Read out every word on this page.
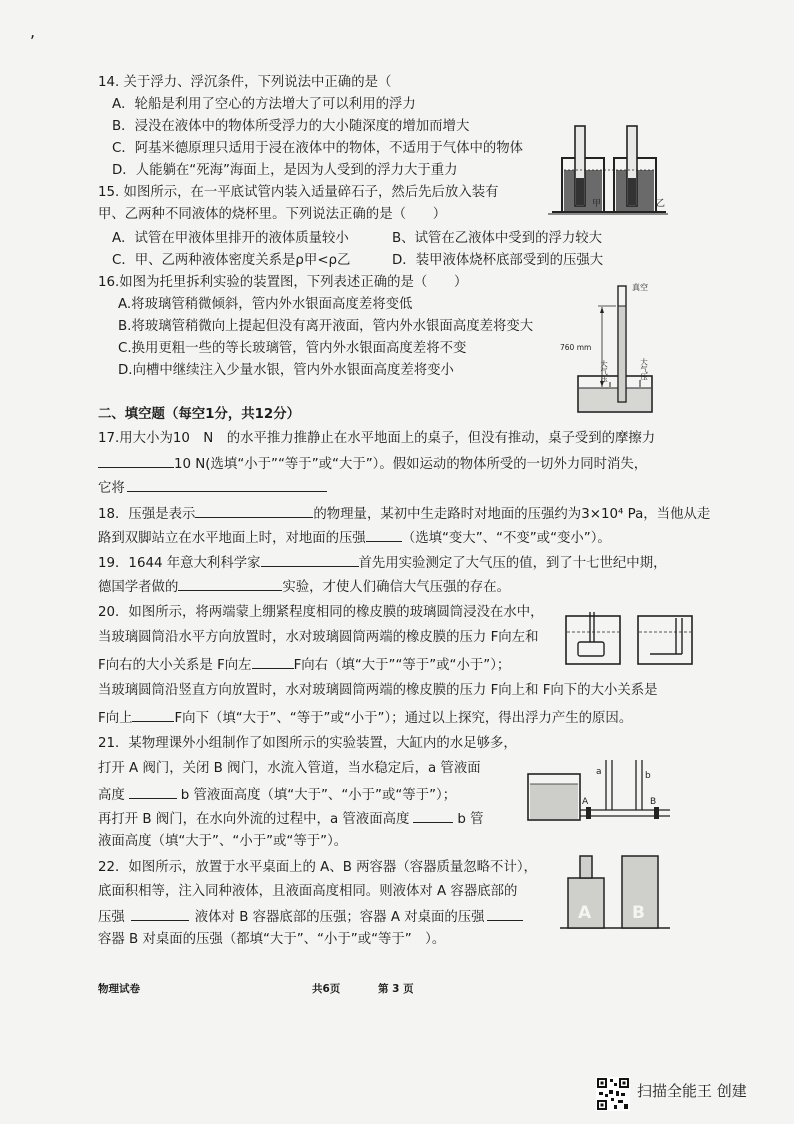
,
14. 关于浮力、浮沉条件，下列说法中正确的是（
A．轮船是利用了空心的方法增大了可以利用的浮力
B．浸没在液体中的物体所受浮力的大小随深度的增加而增大
C．阿基米德原理只适用于浸在液体中的物体，不适用于气体中的物体
D．人能躺在“死海”海面上，是因为人受到的浮力大于重力
15. 如图所示，在一平底试管内装入适量碎石子，然后先后放入装有
甲、乙两种不同液体的烧杯里。下列说法正确的是（　　）
A．试管在甲液体里排开的液体质量较小	B、试管在乙液体中受到的浮力较大
C．甲、乙两种液体密度关系是ρ甲<ρ乙	D．装甲液体烧杯底部受到的压强大
甲	乙
16.如图为托里拆利实验的装置图，下列表述正确的是（　　）
A.将玻璃管稍微倾斜，管内外水银面高度差将变低
B.将玻璃管稍微向上提起但没有离开液面，管内外水银面高度差将变大
C.换用更粗一些的等长玻璃管，管内外水银面高度差将不变
D.向槽中继续注入少量水银，管内外水银面高度差将变小
真空
760 mm
大气压	大气压
二、填空题（每空1分，共12分）
17.用大小为10　N　的水平推力推静止在水平地面上的桌子，但没有推动，桌子受到的摩擦力
10 N(选填“小于”“等于”或“大于”）。假如运动的物体所受的一切外力同时消失，
它将
18．压强是表示	的物理量，某初中生走路时对地面的压强约为3×10⁴ Pa，当他从走
路到双脚站立在水平地面上时，对地面的压强	（选填“变大”、“不变”或“变小”）。
19．1644 年意大利科学家	首先用实验测定了大气压的值，到了十七世纪中期，
德国学者做的	实验，才使人们确信大气压强的存在。
20．如图所示，将两端蒙上绷紧程度相同的橡皮膜的玻璃圆筒浸没在水中，
当玻璃圆筒沿水平方向放置时，水对玻璃圆筒两端的橡皮膜的压力 F向左和
F向右的大小关系是 F向左	F向右（填“大于”“等于”或“小于”）；
当玻璃圆筒沿竖直方向放置时，水对玻璃圆筒两端的橡皮膜的压力 F向上和 F向下的大小关系是
F向上	F向下（填“大于”、“等于”或“小于”）；通过以上探究，得出浮力产生的原因。
21．某物理课外小组制作了如图所示的实验装置，大缸内的水足够多，
打开 A 阀门，关闭 B 阀门，水流入管道，当水稳定后，a 管液面
高度	b 管液面高度（填“大于”、“小于”或“等于”）；
再打开 B 阀门，在水向外流的过程中，a 管液面高度	b 管
液面高度（填“大于”、“小于”或“等于”）。
a	b
A	B
22．如图所示，放置于水平桌面上的 A、B 两容器（容器质量忽略不计），
底面积相等，注入同种液体，且液面高度相同。则液体对 A 容器底部的
压强	液体对 B 容器底部的压强；容器 A 对桌面的压强
容器 B 对桌面的压强（都填“大于”、“小于”或“等于”　）。
A B
物理试卷	共6页	第 3 页
扫描全能王 创建
